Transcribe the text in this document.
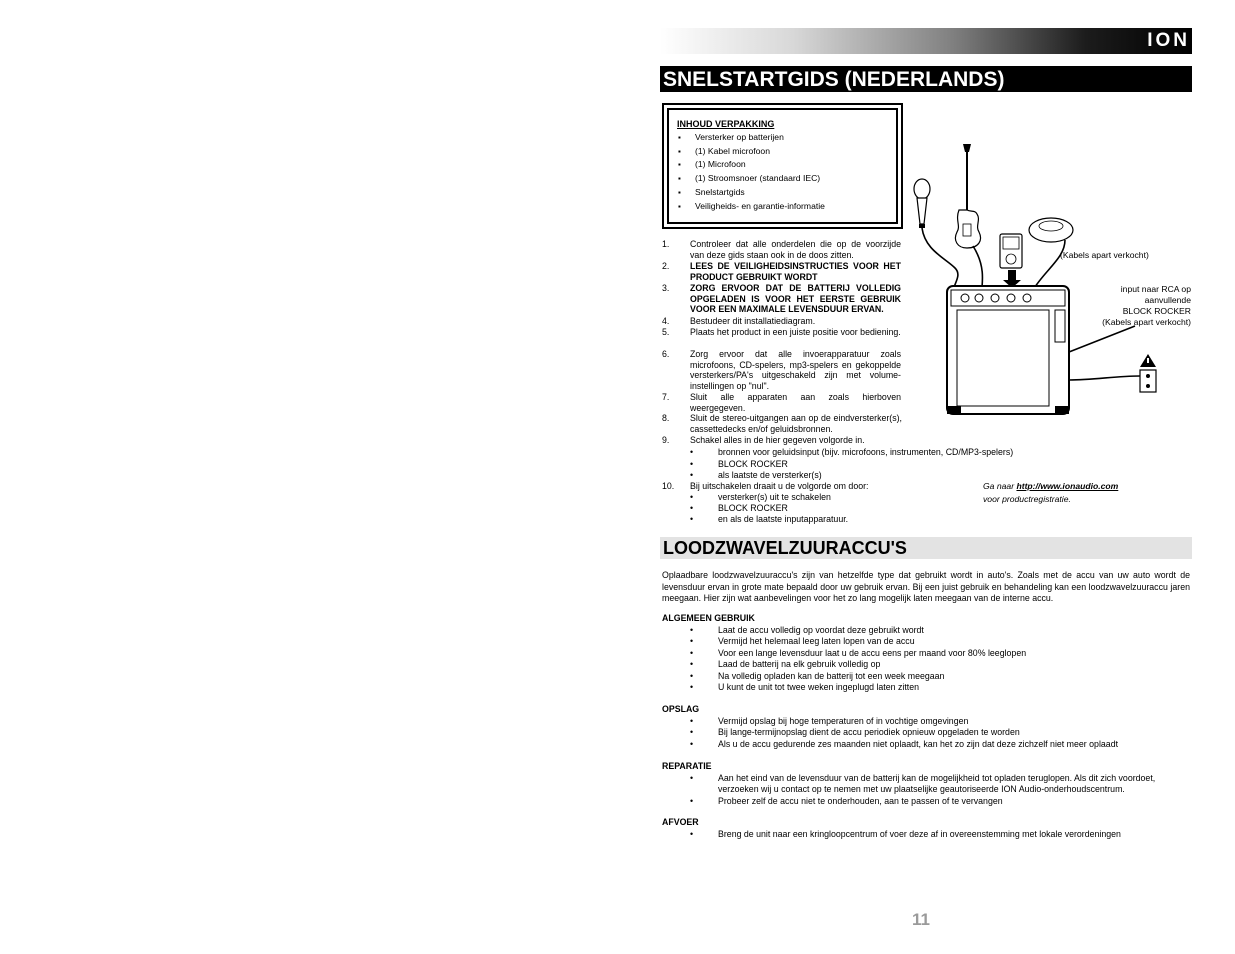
ION
SNELSTARTGIDS (NEDERLANDS)
INHOUD VERPAKKING
▪ Versterker op batterijen
▪ (1) Kabel microfoon
▪ (1) Microfoon
▪ (1) Stroomsnoer (standaard IEC)
▪ Snelstartgids
▪ Veiligheids- en garantie-informatie
1.	Controleer dat alle onderdelen die op de voorzijde van deze gids staan ook in de doos zitten.
2.	LEES DE VEILIGHEIDSINSTRUCTIES VOOR HET PRODUCT GEBRUIKT WORDT
3.	ZORG ERVOOR DAT DE BATTERIJ VOLLEDIG OPGELADEN IS VOOR HET EERSTE GEBRUIK VOOR EEN MAXIMALE LEVENSDUUR ERVAN.
4.	Bestudeer dit installatiediagram.
5.	Plaats het product in een juiste positie voor bediening.
6.	Zorg ervoor dat alle invoerapparatuur zoals microfoons, CD-spelers, mp3-spelers en gekoppelde versterkers/PA's uitgeschakeld zijn met volume-instellingen op "nul".
7.	Sluit alle apparaten aan zoals hierboven weergegeven.
8.	Sluit de stereo-uitgangen aan op de eindversterker(s), cassettedecks en/of geluidsbronnen.
9.	Schakel alles in de hier gegeven volgorde in.
•	bronnen voor geluidsinput (bijv. microfoons, instrumenten, CD/MP3-spelers)
•	BLOCK ROCKER
•	als laatste de versterker(s)
10.	Bij uitschakelen draait u de volgorde om door:
•	versterker(s) uit te schakelen
•	BLOCK ROCKER
•	en als de laatste inputapparatuur.
Ga naar http://www.ionaudio.com
voor productregistratie.
(Kabels apart verkocht)
input naar RCA op
aanvullende
BLOCK ROCKER
(Kabels apart verkocht)
LOODZWAVELZUURACCU'S
Oplaadbare loodzwavelzuuraccu's zijn van hetzelfde type dat gebruikt wordt in auto's. Zoals met de accu van uw auto wordt de levensduur ervan in grote mate bepaald door uw gebruik ervan. Bij een juist gebruik en behandeling kan een loodzwavelzuuraccu jaren meegaan. Hier zijn wat aanbevelingen voor het zo lang mogelijk laten meegaan van de interne accu.
ALGEMEEN GEBRUIK
•	Laat de accu volledig op voordat deze gebruikt wordt
•	Vermijd het helemaal leeg laten lopen van de accu
•	Voor een lange levensduur laat u de accu eens per maand voor 80% leeglopen
•	Laad de batterij na elk gebruik volledig op
•	Na volledig opladen kan de batterij tot een week meegaan
•	U kunt de unit tot twee weken ingeplugd laten zitten
OPSLAG
•	Vermijd opslag bij hoge temperaturen of in vochtige omgevingen
•	Bij lange-termijnopslag dient de accu periodiek opnieuw opgeladen te worden
•	Als u de accu gedurende zes maanden niet oplaadt, kan het zo zijn dat deze zichzelf niet meer oplaadt
REPARATIE
•	Aan het eind van de levensduur van de batterij kan de mogelijkheid tot opladen teruglopen. Als dit zich voordoet, verzoeken wij u contact op te nemen met uw plaatselijke geautoriseerde ION Audio-onderhoudscentrum.
•	Probeer zelf de accu niet te onderhouden, aan te passen of te vervangen
AFVOER
•	Breng de unit naar een kringloopcentrum of voer deze af in overeenstemming met lokale verordeningen
11
